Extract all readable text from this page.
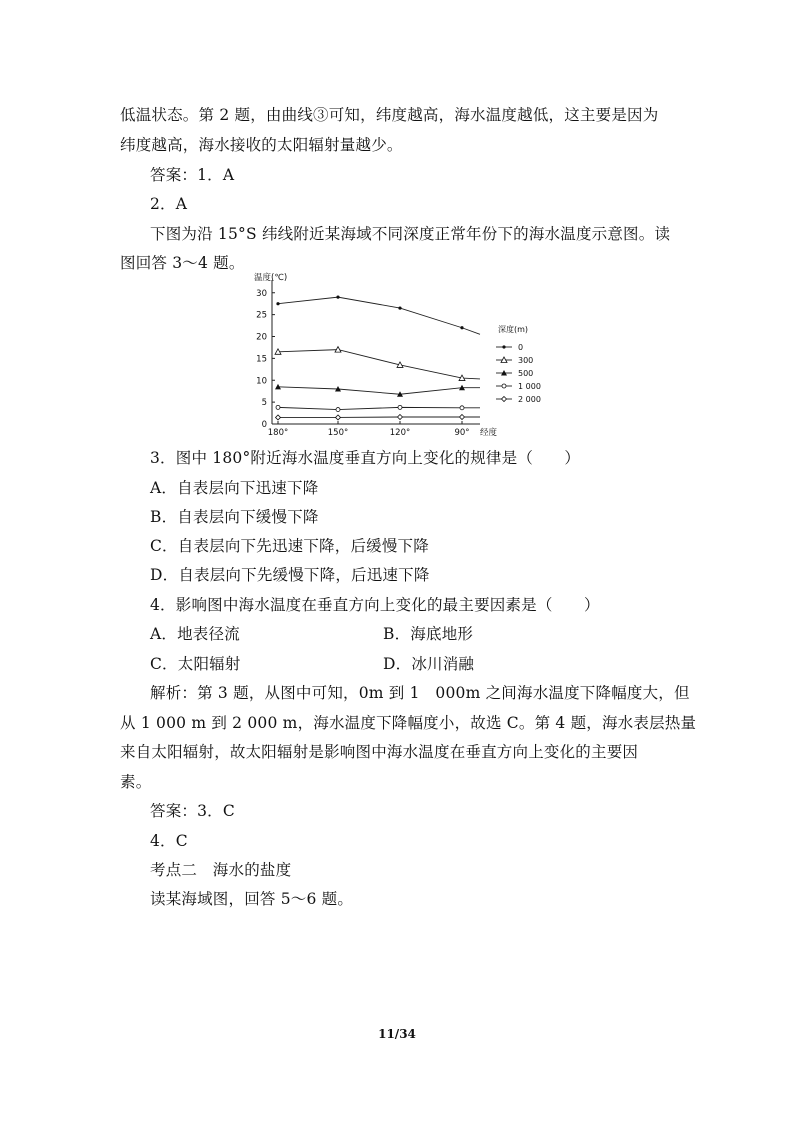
低温状态。第 2 题，由曲线③可知，纬度越高，海水温度越低，这主要是因为
纬度越高，海水接收的太阳辐射量越少。
答案：1．A
2．A
下图为沿 15°S 纬线附近某海域不同深度正常年份下的海水温度示意图。读
图回答 3～4 题。
0
5
10
15
20
25
30
温度(℃)
180°	150°	120°	90° 经度
深度(m)
0
300
500
1 000
2 000
3．图中 180°附近海水温度垂直方向上变化的规律是（　　）
A．自表层向下迅速下降
B．自表层向下缓慢下降
C．自表层向下先迅速下降，后缓慢下降
D．自表层向下先缓慢下降，后迅速下降
4．影响图中海水温度在垂直方向上变化的最主要因素是（　　）
A．地表径流	B．海底地形
C．太阳辐射	D．冰川消融
解析：第 3 题，从图中可知，0m 到 1　000m 之间海水温度下降幅度大，但
从 1 000 m 到 2 000 m，海水温度下降幅度小，故选 C。第 4 题，海水表层热量
来自太阳辐射，故太阳辐射是影响图中海水温度在垂直方向上变化的主要因
素。
答案：3．C
4．C
考点二　海水的盐度
读某海域图，回答 5～6 题。
11/34
